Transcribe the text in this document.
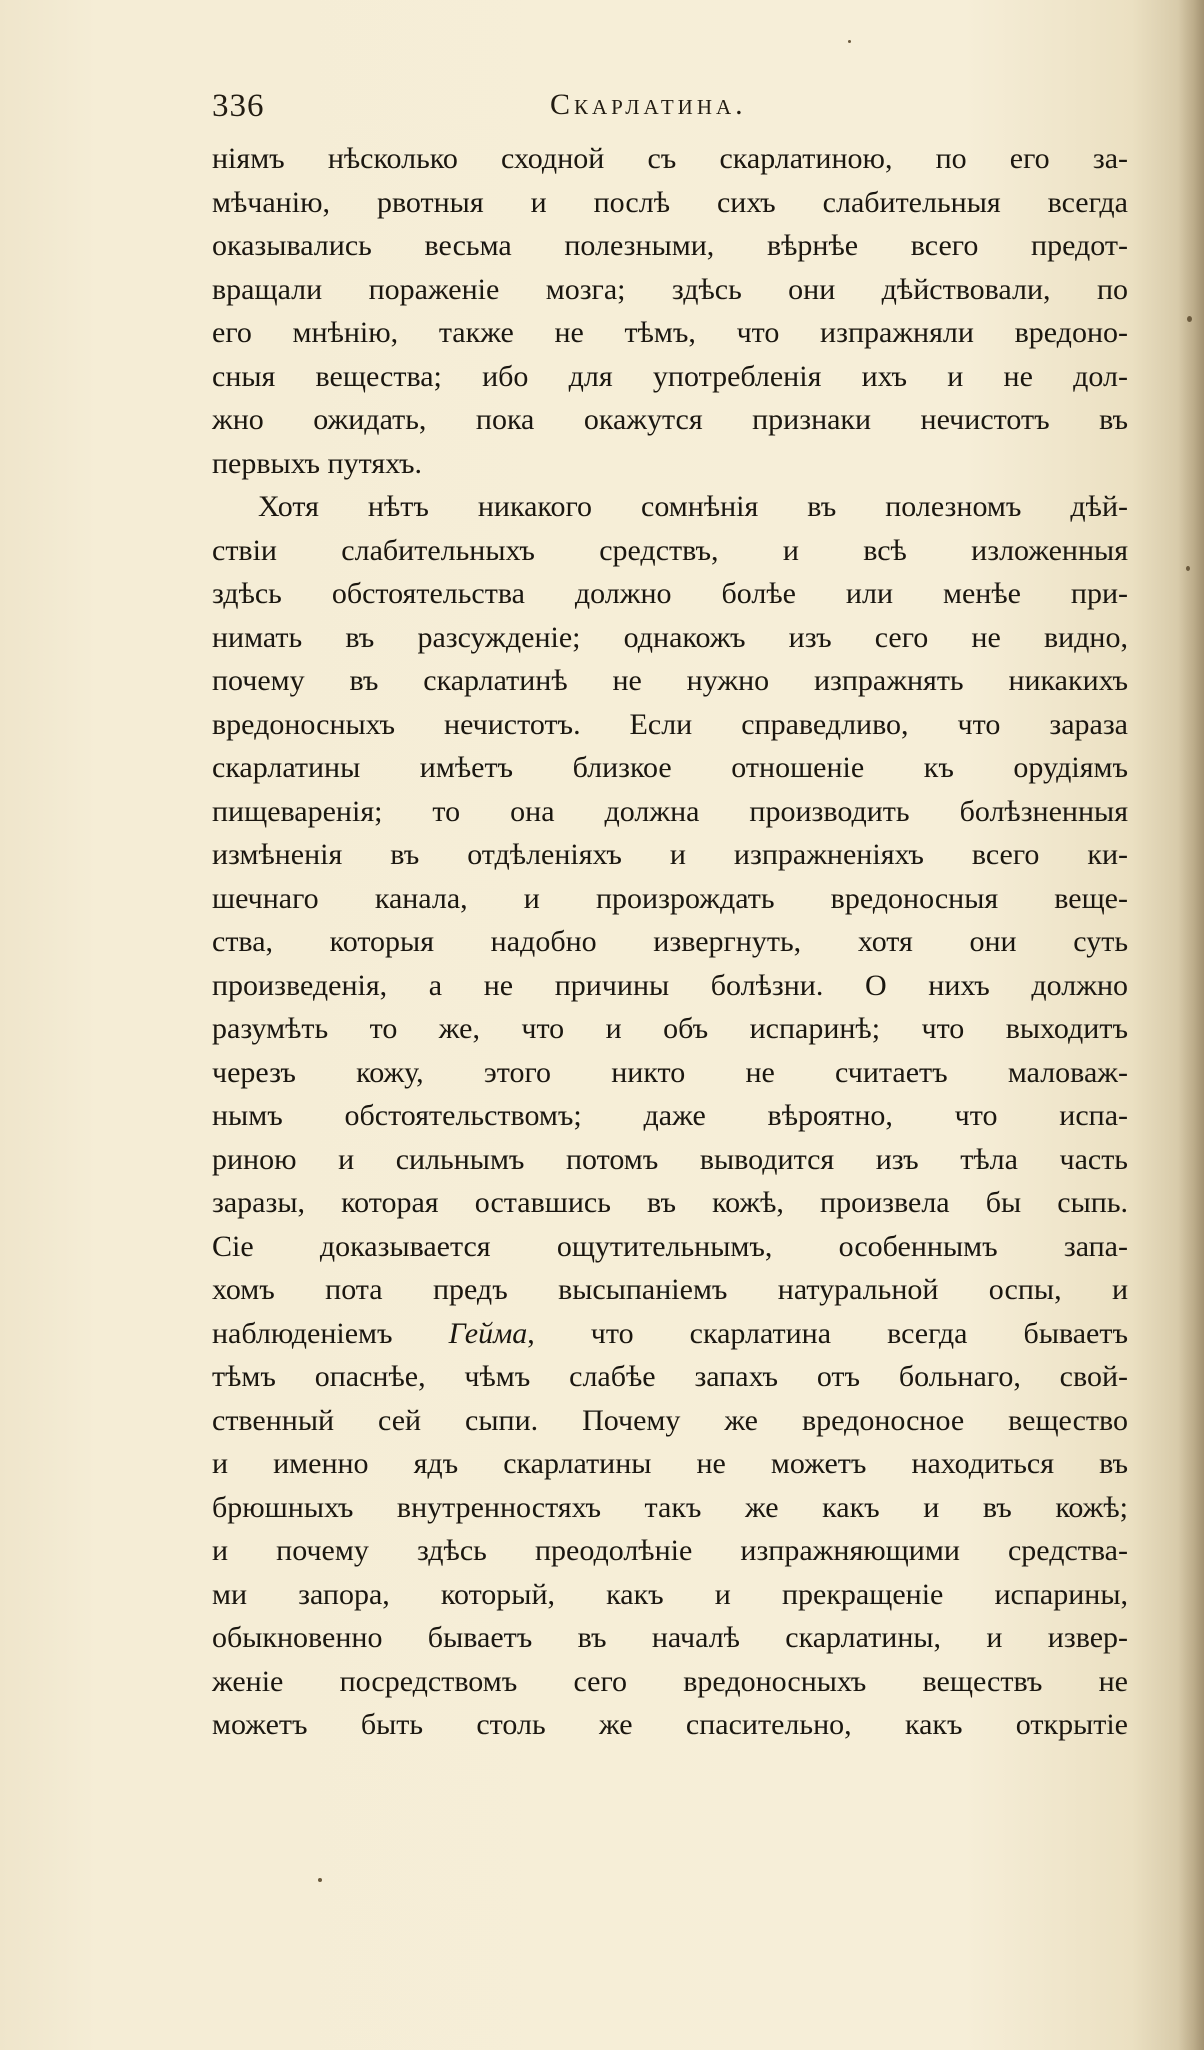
336	Скарлатина.
ніямъ нѣсколько сходной съ скарлатиною, по его за-
мѣчанію, рвотныя и послѣ сихъ слабительныя всегда
оказывались весьма полезными, вѣрнѣе всего предот-
вращали пораженіе мозга; здѣсь они дѣйствовали, по
его мнѣнію, также не тѣмъ, что изпражняли вредоно-
сныя вещества; ибо для употребленія ихъ и не дол-
жно ожидать, пока окажутся признаки нечистотъ въ
первыхъ путяхъ.
Хотя нѣтъ никакого сомнѣнія въ полезномъ дѣй-
ствіи слабительныхъ средствъ, и всѣ изложенныя
здѣсь обстоятельства должно болѣе или менѣе при-
нимать въ разсужденіе; однакожъ изъ сего не видно,
почему въ скарлатинѣ не нужно изпражнять никакихъ
вредоносныхъ нечистотъ. Если справедливо, что зараза
скарлатины имѣетъ близкое отношеніе къ орудіямъ
пищеваренія; то она должна производить болѣзненныя
измѣненія въ отдѣленіяхъ и изпражненіяхъ всего ки-
шечнаго канала, и произрождать вредоносныя веще-
ства, которыя надобно извергнуть, хотя они суть
произведенія, а не причины болѣзни. О нихъ должно
разумѣть то же, что и объ испаринѣ; что выходитъ
черезъ кожу, этого никто не считаетъ маловаж-
нымъ обстоятельствомъ; даже вѣроятно, что испа-
риною и сильнымъ потомъ выводится изъ тѣла часть
заразы, которая оставшись въ кожѣ, произвела бы сыпь.
Сіе доказывается ощутительнымъ, особеннымъ запа-
хомъ пота предъ высыпаніемъ натуральной оспы, и
наблюденіемъ Гейма, что скарлатина всегда бываетъ
тѣмъ опаснѣе, чѣмъ слабѣе запахъ отъ больнаго, свой-
ственный сей сыпи. Почему же вредоносное вещество
и именно ядъ скарлатины не можетъ находиться въ
брюшныхъ внутренностяхъ такъ же какъ и въ кожѣ;
и почему здѣсь преодолѣніе изпражняющими средства-
ми запора, который, какъ и прекращеніе испарины,
обыкновенно бываетъ въ началѣ скарлатины, и извер-
женіе посредствомъ сего вредоносныхъ веществъ не
можетъ быть столь же спасительно, какъ открытіе
